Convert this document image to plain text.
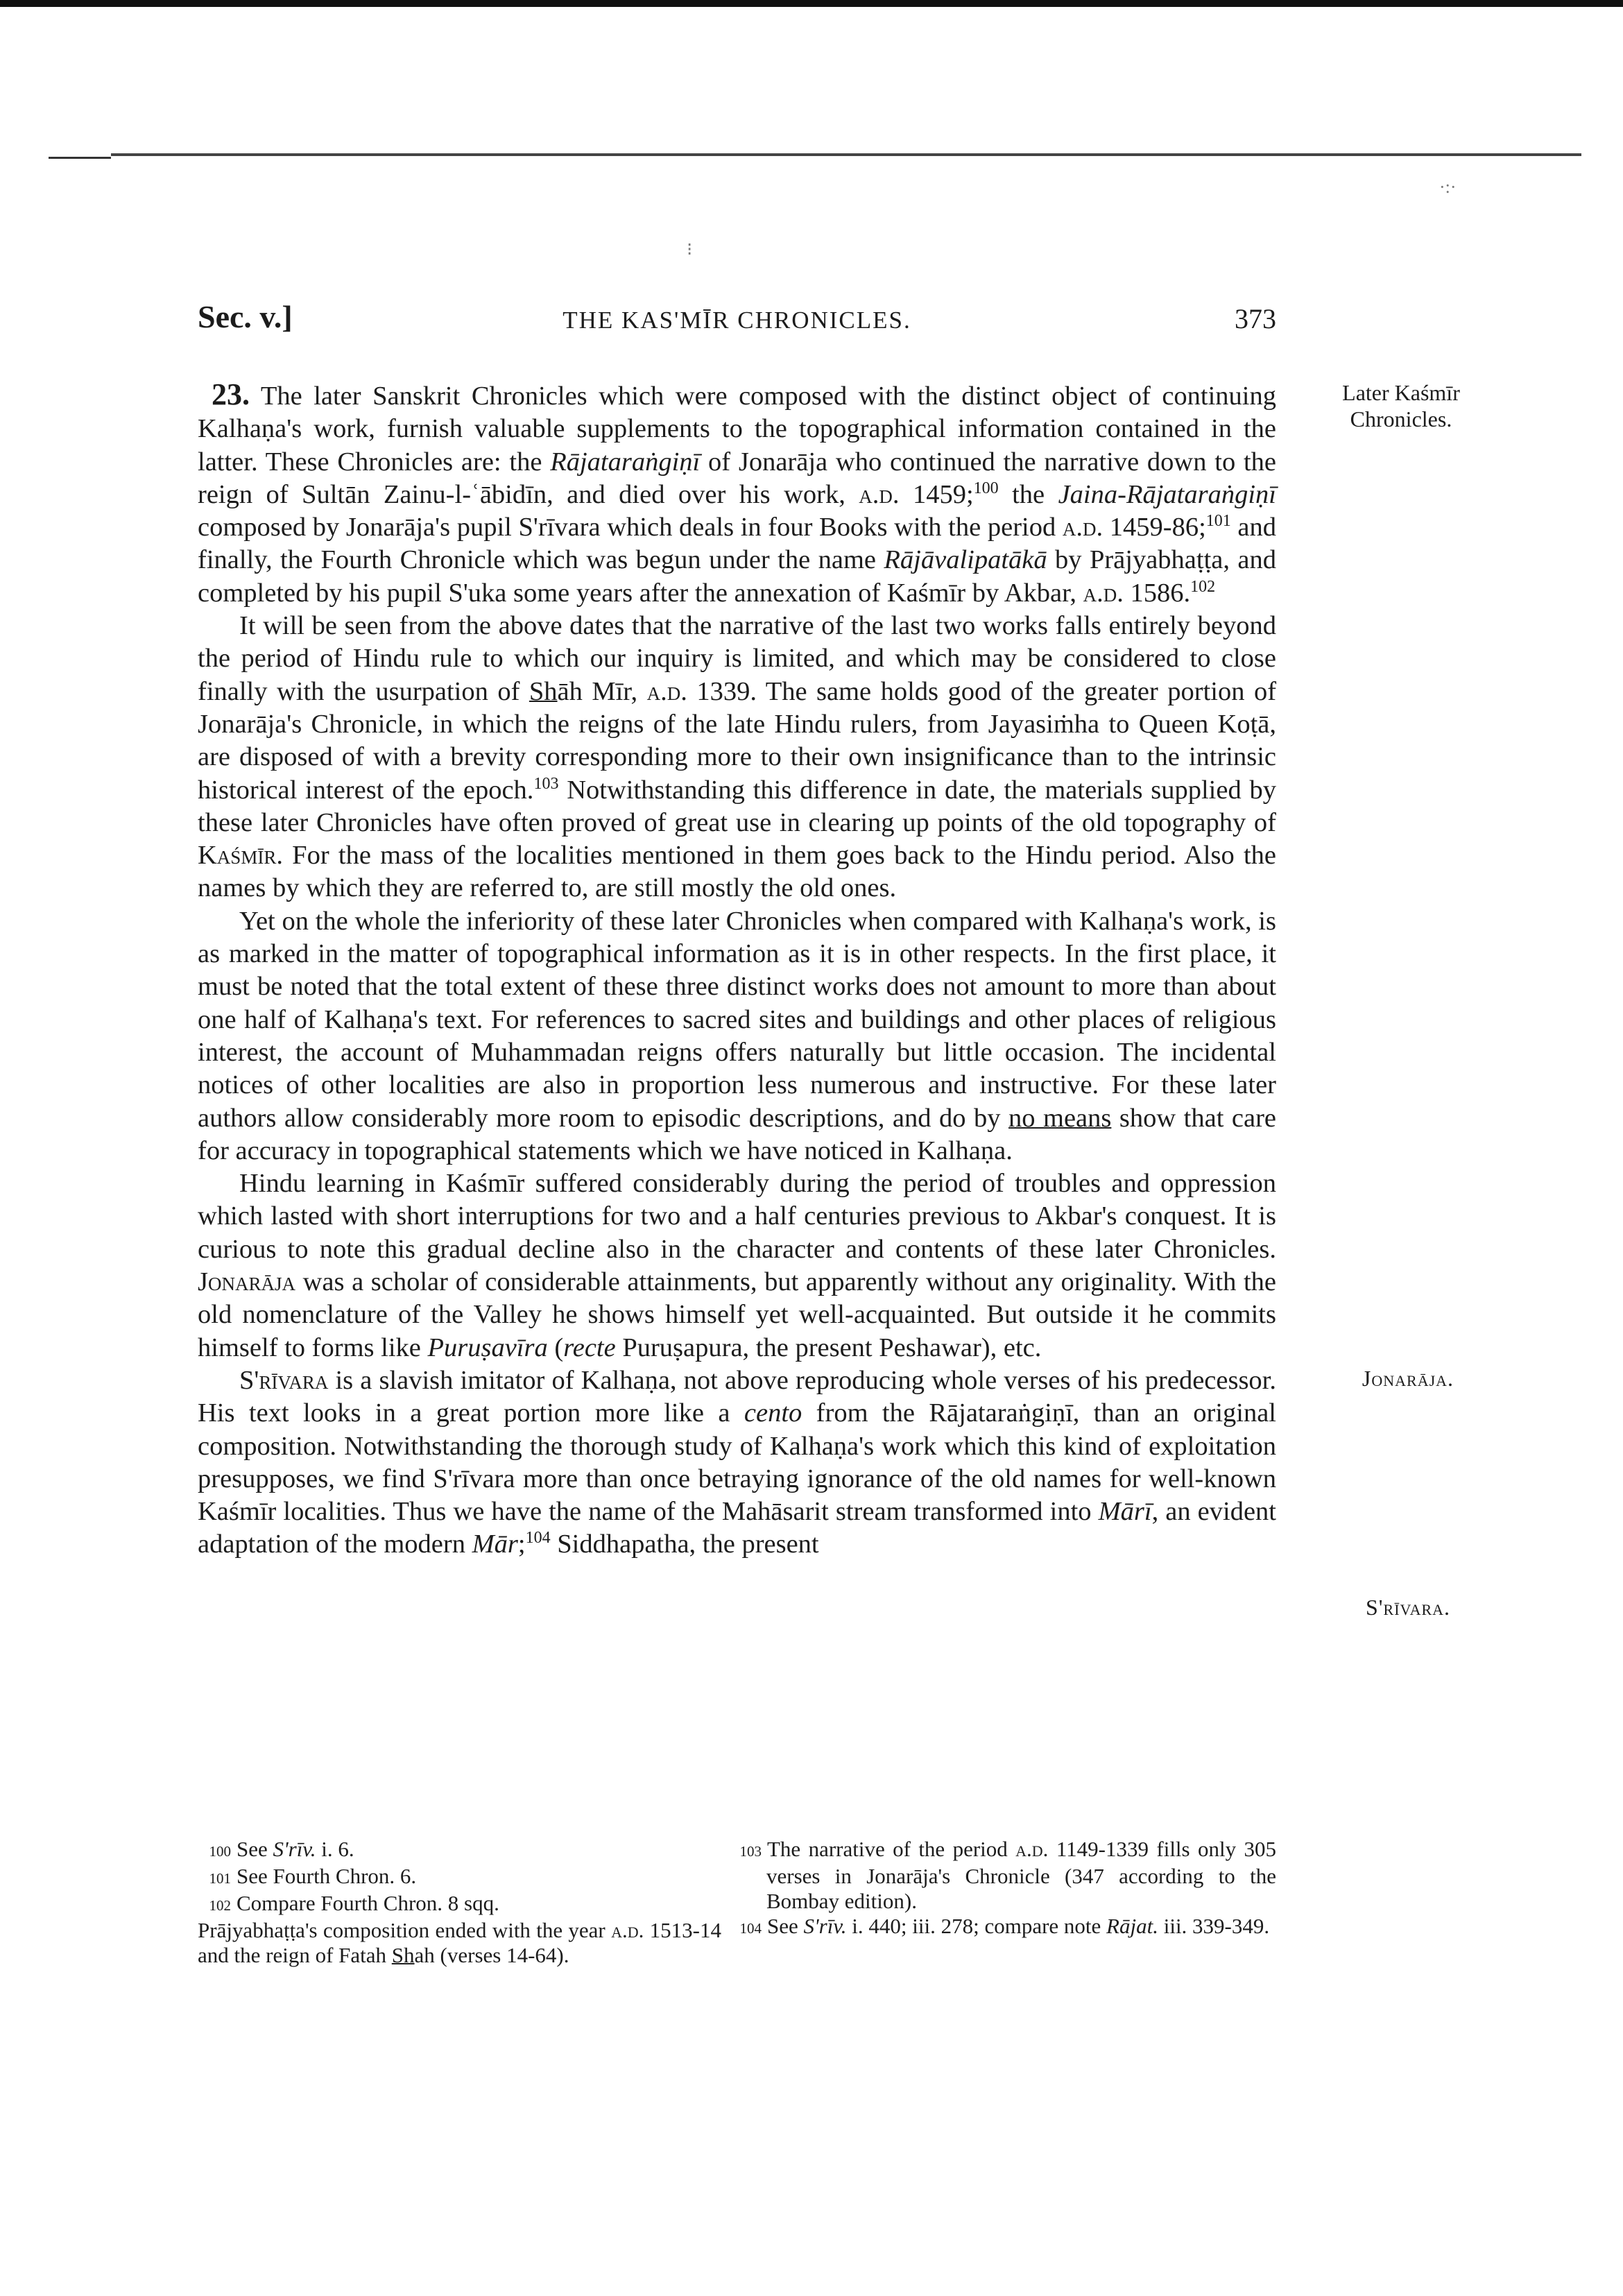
·:·
⁝
Sec. v.]	THE KAS'MĪR CHRONICLES.	373
Later Kaśmīr
Chronicles.
Jonarāja.
S'rīvara.

23. The later Sanskrit Chronicles which were composed with the distinct object of continuing Kalhaṇa's work, furnish valuable supplements to the topographical information contained in the latter. These Chronicles are: the Rājataraṅgiṇī of Jonarāja who continued the narrative down to the reign of Sultān Zainu-l-ʿābidīn, and died over his work, a.d. 1459;$^{100}$ the Jaina-Rājataraṅgiṇī composed by Jonarāja's pupil S'rīvara which deals in four Books with the period a.d. 1459-86;$^{101}$ and finally, the Fourth Chronicle which was begun under the name Rājāvalipatākā by Prājyabhaṭṭa, and completed by his pupil S'uka some years after the annexation of Kaśmīr by Akbar, a.d. 1586.$^{102}$

It will be seen from the above dates that the narrative of the last two works falls entirely beyond the period of Hindu rule to which our inquiry is limited, and which may be considered to close finally with the usurpation of Shāh Mīr, a.d. 1339. The same holds good of the greater portion of Jonarāja's Chronicle, in which the reigns of the late Hindu rulers, from Jayasiṁha to Queen Koṭā, are disposed of with a brevity corresponding more to their own insignificance than to the intrinsic historical interest of the epoch.$^{103}$ Notwithstanding this difference in date, the materials supplied by these later Chronicles have often proved of great use in clearing up points of the old topography of Kaśmīr. For the mass of the localities mentioned in them goes back to the Hindu period. Also the names by which they are referred to, are still mostly the old ones.

Yet on the whole the inferiority of these later Chronicles when compared with Kalhaṇa's work, is as marked in the matter of topographical information as it is in other respects. In the first place, it must be noted that the total extent of these three distinct works does not amount to more than about one half of Kalhaṇa's text. For references to sacred sites and buildings and other places of religious interest, the account of Muhammadan reigns offers naturally but little occasion. The incidental notices of other localities are also in proportion less numerous and instructive. For these later authors allow considerably more room to episodic descriptions, and do by no means show that care for accuracy in topographical statements which we have noticed in Kalhaṇa.

Hindu learning in Kaśmīr suffered considerably during the period of troubles and oppression which lasted with short interruptions for two and a half centuries previous to Akbar's conquest. It is curious to note this gradual decline also in the character and contents of these later Chronicles. Jonarāja was a scholar of considerable attainments, but apparently without any originality. With the old nomenclature of the Valley he shows himself yet well-acquainted. But outside it he commits himself to forms like Puruṣavīra (recte Puruṣapura, the present Peshawar), etc.

S'rīvara is a slavish imitator of Kalhaṇa, not above reproducing whole verses of his predecessor. His text looks in a great portion more like a cento from the Rājataraṅgiṇī, than an original composition. Notwithstanding the thorough study of Kalhaṇa's work which this kind of exploitation presupposes, we find S'rīvara more than once betraying ignorance of the old names for well-known Kaśmīr localities. Thus we have the name of the Mahāsarit stream transformed into Mārī, an evident adaptation of the modern Mār;$^{104}$ Siddhapatha, the present

100 See S'rīv. i. 6.

101 See Fourth Chron. 6.

102 Compare Fourth Chron. 8 sqq.

Prājyabhaṭṭa's composition ended with the year a.d. 1513-14 and the reign of Fatah Shah (verses 14-64).

103 The narrative of the period a.d. 1149-1339 fills only 305 verses in Jonarāja's Chronicle (347 according to the Bombay edition).

104 See S'rīv. i. 440; iii. 278; compare note Rājat. iii. 339-349.
